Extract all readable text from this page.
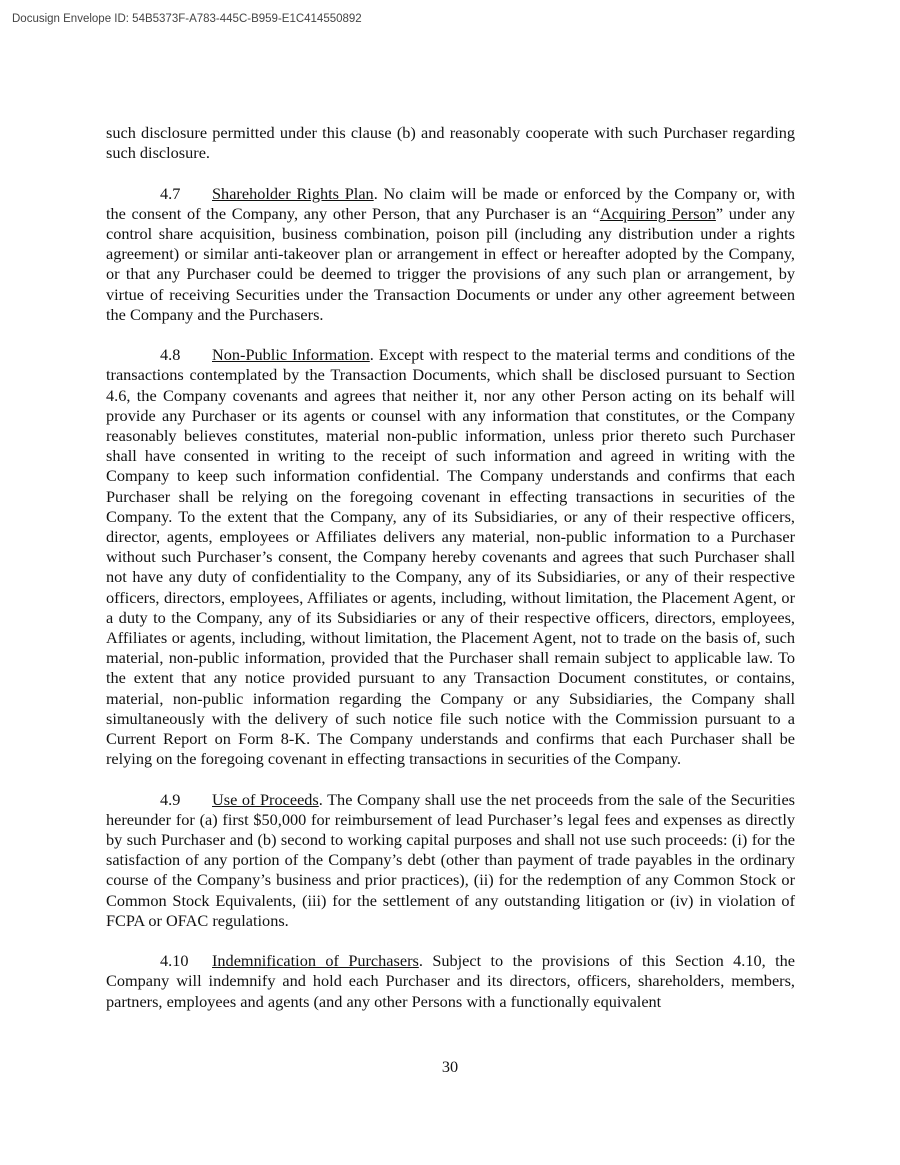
Docusign Envelope ID: 54B5373F-A783-445C-B959-E1C414550892

such disclosure permitted under this clause (b) and reasonably cooperate with such Purchaser regarding such disclosure.

4.7 Shareholder Rights Plan. No claim will be made or enforced by the Company or, with the consent of the Company, any other Person, that any Purchaser is an “Acquiring Person” under any control share acquisition, business combination, poison pill (including any distribution under a rights agreement) or similar anti-takeover plan or arrangement in effect or hereafter adopted by the Company, or that any Purchaser could be deemed to trigger the provisions of any such plan or arrangement, by virtue of receiving Securities under the Transaction Documents or under any other agreement between the Company and the Purchasers.

4.8 Non-Public Information. Except with respect to the material terms and conditions of the transactions contemplated by the Transaction Documents, which shall be disclosed pursuant to Section 4.6, the Company covenants and agrees that neither it, nor any other Person acting on its behalf will provide any Purchaser or its agents or counsel with any information that constitutes, or the Company reasonably believes constitutes, material non-public information, unless prior thereto such Purchaser shall have consented in writing to the receipt of such information and agreed in writing with the Company to keep such information confidential. The Company understands and confirms that each Purchaser shall be relying on the foregoing covenant in effecting transactions in securities of the Company. To the extent that the Company, any of its Subsidiaries, or any of their respective officers, director, agents, employees or Affiliates delivers any material, non-public information to a Purchaser without such Purchaser’s consent, the Company hereby covenants and agrees that such Purchaser shall not have any duty of confidentiality to the Company, any of its Subsidiaries, or any of their respective officers, directors, employees, Affiliates or agents, including, without limitation, the Placement Agent, or a duty to the Company, any of its Subsidiaries or any of their respective officers, directors, employees, Affiliates or agents, including, without limitation, the Placement Agent, not to trade on the basis of, such material, non-public information, provided that the Purchaser shall remain subject to applicable law. To the extent that any notice provided pursuant to any Transaction Document constitutes, or contains, material, non-public information regarding the Company or any Subsidiaries, the Company shall simultaneously with the delivery of such notice file such notice with the Commission pursuant to a Current Report on Form 8-K. The Company understands and confirms that each Purchaser shall be relying on the foregoing covenant in effecting transactions in securities of the Company.

4.9 Use of Proceeds. The Company shall use the net proceeds from the sale of the Securities hereunder for (a) first $50,000 for reimbursement of lead Purchaser’s legal fees and expenses as directly by such Purchaser and (b) second to working capital purposes and shall not use such proceeds: (i) for the satisfaction of any portion of the Company’s debt (other than payment of trade payables in the ordinary course of the Company’s business and prior practices), (ii) for the redemption of any Common Stock or Common Stock Equivalents, (iii) for the settlement of any outstanding litigation or (iv) in violation of FCPA or OFAC regulations.

4.10 Indemnification of Purchasers. Subject to the provisions of this Section 4.10, the Company will indemnify and hold each Purchaser and its directors, officers, shareholders, members, partners, employees and agents (and any other Persons with a functionally equivalent

30
